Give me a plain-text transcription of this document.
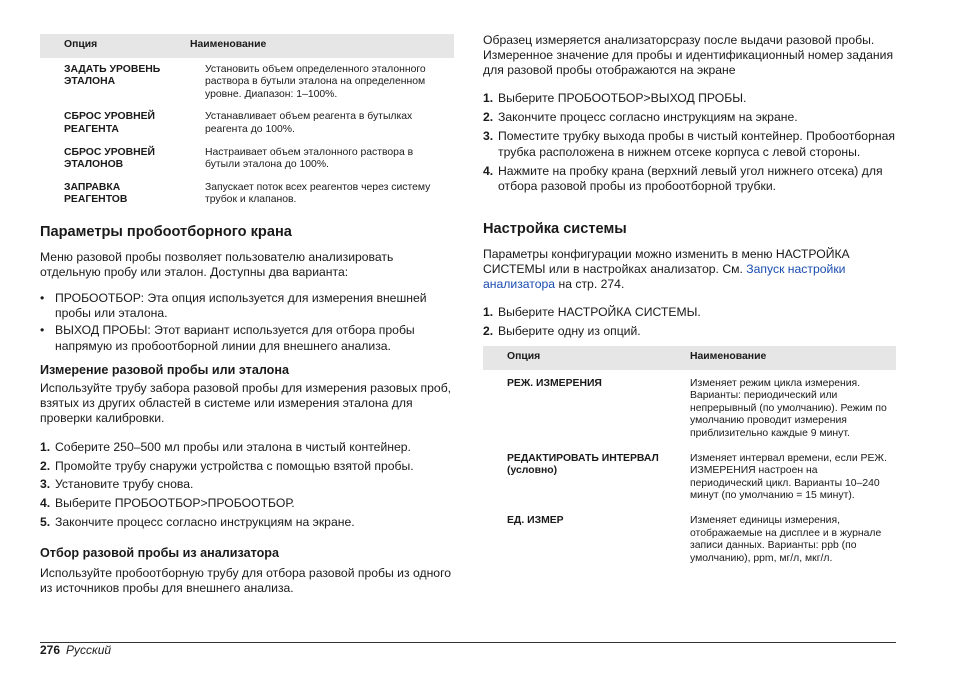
Опция	Наименование
ЗАДАТЬ УРОВЕНЬ ЭТАЛОНА	Установить объем определенного эталонного раствора в бутыли эталона на определенном уровне. Диапазон: 1–100%.
СБРОС УРОВНЕЙ РЕАГЕНТА	Устанавливает объем реагента в бутылках реагента до 100%.
СБРОС УРОВНЕЙ ЭТАЛОНОВ	Настраивает объем эталонного раствора в бутыли эталона до 100%.
ЗАПРАВКА РЕАГЕНТОВ	Запускает поток всех реагентов через систему трубок и клапанов.
Параметры пробоотборного крана

Меню разовой пробы позволяет пользователю анализировать отдельную пробу или эталон. Доступны два варианта:

• ПРОБООТБОР: Эта опция используется для измерения внешней пробы или эталона.
• ВЫХОД ПРОБЫ: Этот вариант используется для отбора пробы напрямую из пробоотборной линии для внешнего анализа.
Измерение разовой пробы или эталона

Используйте трубу забора разовой пробы для измерения разовых проб, взятых из других областей в системе или измерения эталона для проверки калибровки.

1. Соберите 250–500 мл пробы или эталона в чистый контейнер.
2. Промойте трубу снаружи устройства с помощью взятой пробы.
3. Установите трубу снова.
4. Выберите ПРОБООТБОР>ПРОБООТБОР.
5. Закончите процесс согласно инструкциям на экране.
Отбор разовой пробы из анализатора

Используйте пробоотборную трубу для отбора разовой пробы из одного из источников пробы для внешнего анализа.

Образец измеряется анализаторсразу после выдачи разовой пробы. Измеренное значение для пробы и идентификационный номер задания для разовой пробы отображаются на экране

1. Выберите ПРОБООТБОР>ВЫХОД ПРОБЫ.
2. Закончите процесс согласно инструкциям на экране.
3. Поместите трубку выхода пробы в чистый контейнер. Пробоотборная трубка расположена в нижнем отсеке корпуса с левой стороны.
4. Нажмите на пробку крана (верхний левый угол нижнего отсека) для отбора разовой пробы из пробоотборной трубки.
Настройка системы

Параметры конфигурации можно изменить в меню НАСТРОЙКА СИСТЕМЫ или в настройках анализатор. См. Запуск настройки анализатора на стр. 274.

1. Выберите НАСТРОЙКА СИСТЕМЫ.
2. Выберите одну из опций.
Опция	Наименование
РЕЖ. ИЗМЕРЕНИЯ	Изменяет режим цикла измерения. Варианты: периодический или непрерывный (по умолчанию). Режим по умолчанию проводит измерения приблизительно каждые 9 минут.
РЕДАКТИРОВАТЬ ИНТЕРВАЛ (условно)	Изменяет интервал времени, если РЕЖ. ИЗМЕРЕНИЯ настроен на периодический цикл. Варианты 10–240 минут (по умолчанию = 15 минут).
ЕД. ИЗМЕР	Изменяет единицы измерения, отображаемые на дисплее и в журнале записи данных. Варианты: ppb (по умолчанию), ppm, мг/л, мкг/л.
276 Русский
